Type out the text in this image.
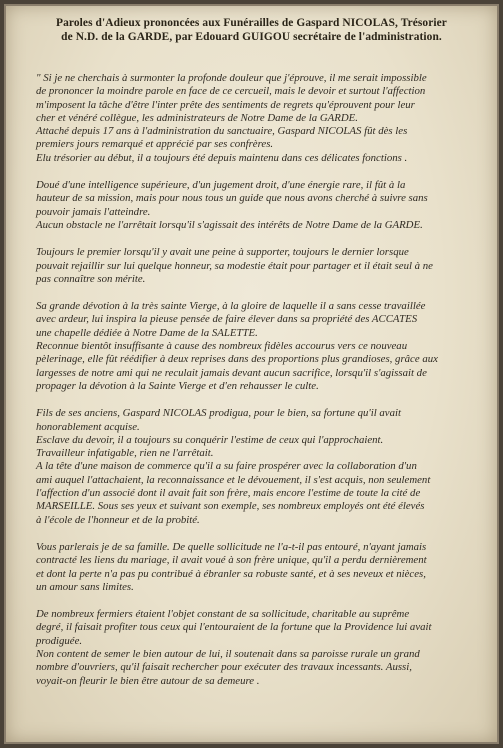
Paroles d'Adieux prononcées aux Funérailles de Gaspard NICOLAS, Trésorier
de N.D. de la GARDE, par Edouard GUIGOU secrétaire de l'administration.
" Si je ne cherchais à surmonter la profonde douleur que j'éprouve, il me serait impossible
de prononcer la moindre parole en face de ce cercueil, mais le devoir et surtout l'affection
m'imposent la tâche d'être l'inter prête des sentiments de regrets qu'éprouvent pour leur
cher et vénéré collègue, les administrateurs de Notre Dame de la GARDE.
Attaché depuis 17 ans à l'administration du sanctuaire, Gaspard NICOLAS fût dès les
premiers jours remarqué et apprécié par ses confrères.
Elu trésorier au début, il a toujours été depuis maintenu dans ces délicates fonctions .
Doué d'une intelligence supérieure, d'un jugement droit, d'une énergie rare, il fût à la
hauteur de sa mission, mais pour nous tous un guide que nous avons cherché à suivre sans
pouvoir jamais l'atteindre.
Aucun obstacle ne l'arrêtait lorsqu'il s'agissait des intérêts de Notre Dame de la GARDE.
Toujours le premier lorsqu'il y avait une peine à supporter, toujours le dernier lorsque
pouvait rejaillir sur lui quelque honneur, sa modestie était pour partager et il était seul à ne
pas connaître son mérite.
Sa grande dévotion à la très sainte Vierge, à la gloire de laquelle il a sans cesse travaillée
avec ardeur, lui inspira la pieuse pensée de faire élever dans sa propriété des ACCATES
une chapelle dédiée à Notre Dame de la SALETTE.
Reconnue bientôt insuffisante à cause des nombreux fidèles accourus vers ce nouveau
pèlerinage, elle fût réédifier à deux reprises dans des proportions plus grandioses, grâce aux
largesses de notre ami qui ne reculait jamais devant aucun sacrifice, lorsqu'il s'agissait de
propager la dévotion à la Sainte Vierge et d'en rehausser le culte.
Fils de ses anciens, Gaspard NICOLAS prodigua, pour le bien, sa fortune qu'il avait
honorablement acquise.
Esclave du devoir, il a toujours su conquérir l'estime de ceux qui l'approchaient.
Travailleur infatigable, rien ne l'arrêtait.
A la tête d'une maison de commerce qu'il a su faire prospérer avec la collaboration d'un
ami auquel l'attachaient, la reconnaissance et le dévouement, il s'est acquis, non seulement
l'affection d'un associé dont il avait fait son frère, mais encore l'estime de toute la cité de
MARSEILLE. Sous ses yeux et suivant son exemple, ses nombreux employés ont été élevés
à l'école de l'honneur et de la probité.
Vous parlerais je de sa famille. De quelle sollicitude ne l'a-t-il pas entouré, n'ayant jamais
contracté les liens du mariage, il avait voué à son frère unique, qu'il a perdu dernièrement
et dont la perte n'a pas pu contribué à ébranler sa robuste santé, et à ses neveux et nièces,
un amour sans limites.
De nombreux fermiers étaient l'objet constant de sa sollicitude, charitable au suprême
degré, il faisait profiter tous ceux qui l'entouraient de la fortune que la Providence lui avait
prodiguée.
Non content de semer le bien autour de lui, il soutenait dans sa paroisse rurale un grand
nombre d'ouvriers, qu'il faisait rechercher pour exécuter des travaux incessants. Aussi,
voyait-on fleurir le bien être autour de sa demeure .
